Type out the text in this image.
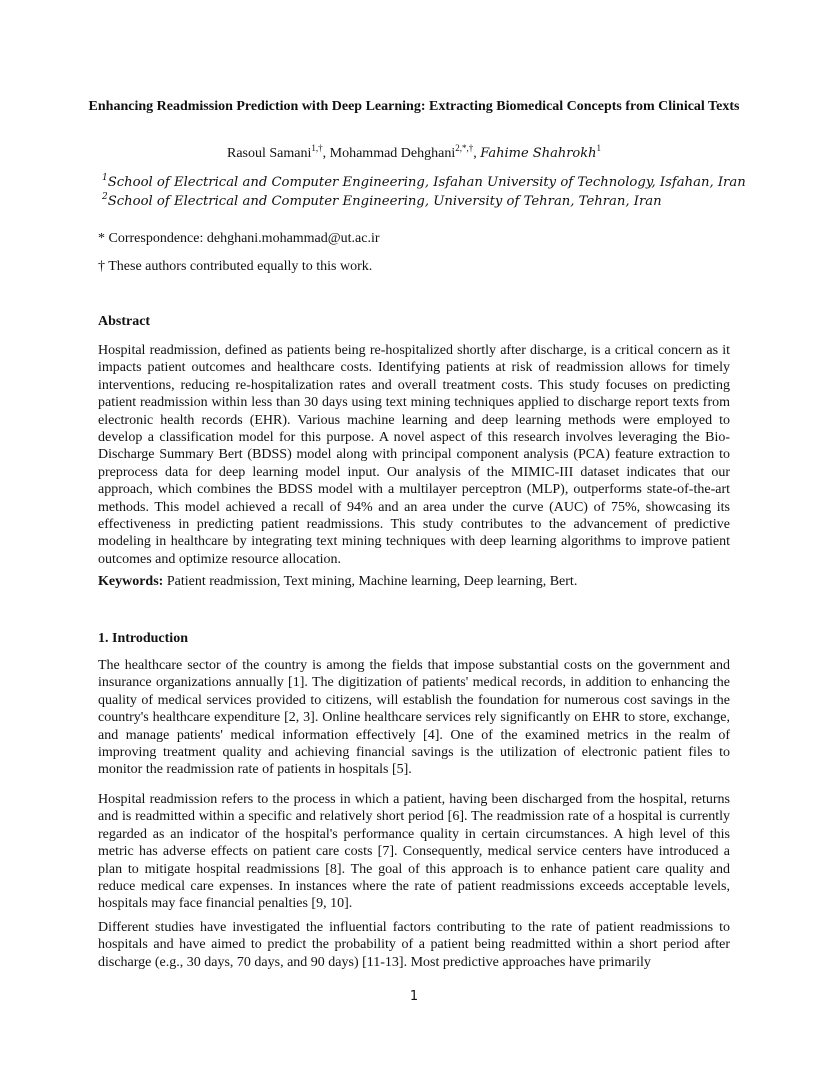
Enhancing Readmission Prediction with Deep Learning: Extracting Biomedical Concepts from Clinical Texts
Rasoul Samani$^{1,\dagger}$, Mohammad Dehghani$^{2,*,\dagger}$, Fahime Shahrokh$^1$
$^1$School of Electrical and Computer Engineering, Isfahan University of Technology, Isfahan, Iran
$^2$School of Electrical and Computer Engineering, University of Tehran, Tehran, Iran
* Correspondence: dehghani.mohammad@ut.ac.ir
† These authors contributed equally to this work.
Abstract

Hospital readmission, defined as patients being re-hospitalized shortly after discharge, is a critical concern as it impacts patient outcomes and healthcare costs. Identifying patients at risk of readmission allows for timely interventions, reducing re-hospitalization rates and overall treatment costs. This study focuses on predicting patient readmission within less than 30 days using text mining techniques applied to discharge report texts from electronic health records (EHR). Various machine learning and deep learning methods were employed to develop a classification model for this purpose. A novel aspect of this research involves leveraging the Bio-Discharge Summary Bert (BDSS) model along with principal component analysis (PCA) feature extraction to preprocess data for deep learning model input. Our analysis of the MIMIC-III dataset indicates that our approach, which combines the BDSS model with a multilayer perceptron (MLP), outperforms state-of-the-art methods. This model achieved a recall of 94% and an area under the curve (AUC) of 75%, showcasing its effectiveness in predicting patient readmissions. This study contributes to the advancement of predictive modeling in healthcare by integrating text mining techniques with deep learning algorithms to improve patient outcomes and optimize resource allocation.

Keywords: Patient readmission, Text mining, Machine learning, Deep learning, Bert.
1. Introduction

The healthcare sector of the country is among the fields that impose substantial costs on the government and insurance organizations annually [1]. The digitization of patients' medical records, in addition to enhancing the quality of medical services provided to citizens, will establish the foundation for numerous cost savings in the country's healthcare expenditure [2, 3]. Online healthcare services rely significantly on EHR to store, exchange, and manage patients' medical information effectively [4]. One of the examined metrics in the realm of improving treatment quality and achieving financial savings is the utilization of electronic patient files to monitor the readmission rate of patients in hospitals [5].

Hospital readmission refers to the process in which a patient, having been discharged from the hospital, returns and is readmitted within a specific and relatively short period [6]. The readmission rate of a hospital is currently regarded as an indicator of the hospital's performance quality in certain circumstances. A high level of this metric has adverse effects on patient care costs [7]. Consequently, medical service centers have introduced a plan to mitigate hospital readmissions [8]. The goal of this approach is to enhance patient care quality and reduce medical care expenses. In instances where the rate of patient readmissions exceeds acceptable levels, hospitals may face financial penalties [9, 10].

Different studies have investigated the influential factors contributing to the rate of patient readmissions to hospitals and have aimed to predict the probability of a patient being readmitted within a short period after discharge (e.g., 30 days, 70 days, and 90 days) [11-13]. Most predictive approaches have primarily

1
